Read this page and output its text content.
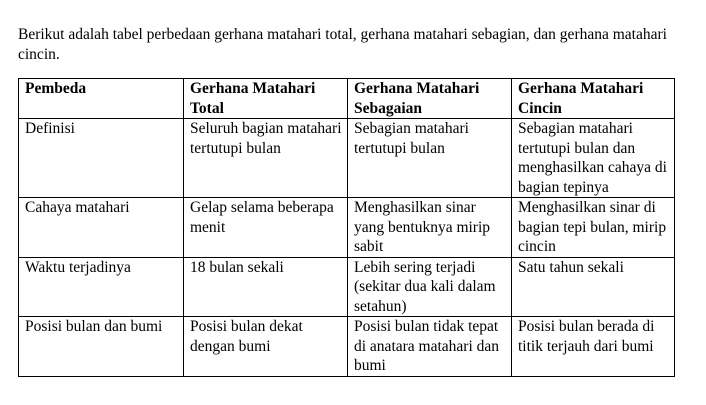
Berikut adalah tabel perbedaan gerhana matahari total, gerhana matahari sebagian, dan gerhana matahari cincin.

Pembeda	Gerhana Matahari Total	Gerhana Matahari Sebagaian	Gerhana Matahari Cincin
Definisi	Seluruh bagian matahari tertutupi bulan	Sebagian matahari tertutupi bulan	Sebagian matahari tertutupi bulan dan menghasilkan cahaya di bagian tepinya
Cahaya matahari	Gelap selama beberapa menit	Menghasilkan sinar yang bentuknya mirip sabit	Menghasilkan sinar di bagian tepi bulan, mirip cincin
Waktu terjadinya	18 bulan sekali	Lebih sering terjadi (sekitar dua kali dalam setahun)	Satu tahun sekali
Posisi bulan dan bumi	Posisi bulan dekat dengan bumi	Posisi bulan tidak tepat di anatara matahari dan bumi	Posisi bulan berada di titik terjauh dari bumi
